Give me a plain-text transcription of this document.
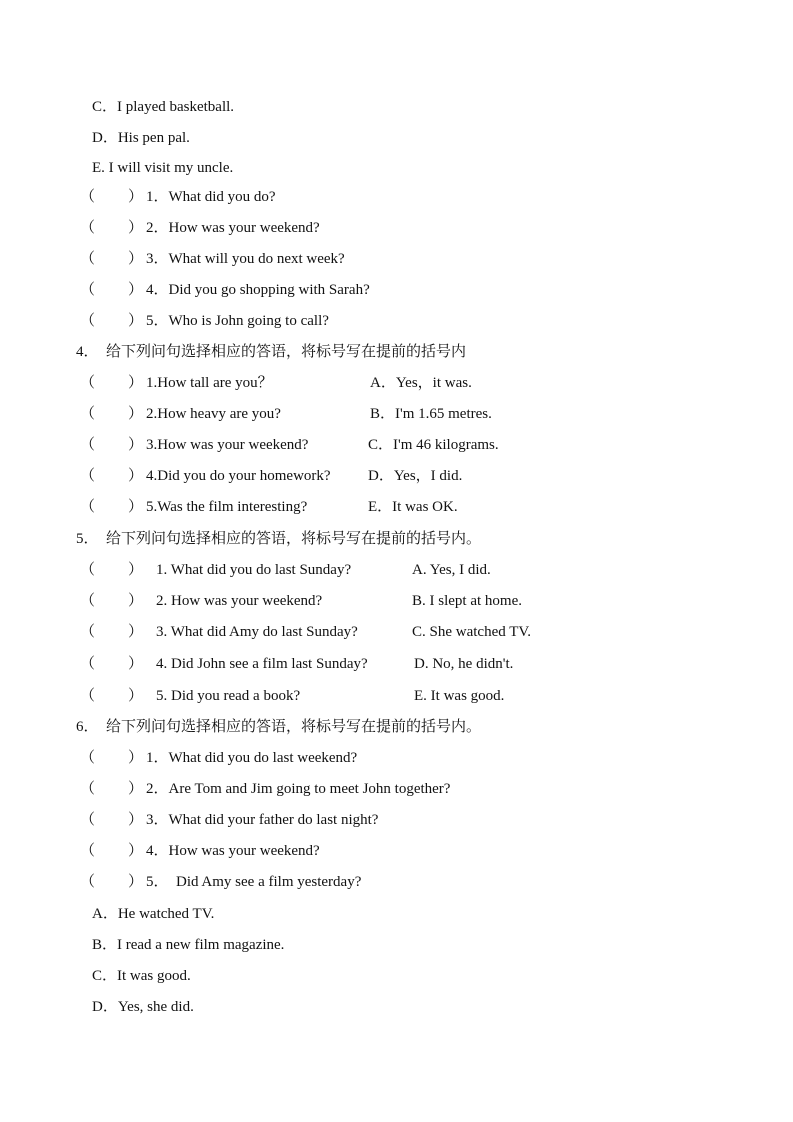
C．I played basketball.
D．His pen pal.
E. I will visit my uncle.
（ ） 1．What did you do?
（ ） 2．How was your weekend?
（ ） 3．What will you do next week?
（ ） 4．Did you go shopping with Sarah?
（ ） 5．Who is John going to call?
4．  给下列问句选择相应的答语，将标号写在提前的括号内
（ ） 1.How tall are you？	A．Yes，it was.
（ ） 2.How heavy are you?	B．I'm 1.65 metres.
（ ） 3.How was your weekend?	C．I'm 46 kilograms.
（ ） 4.Did you do your homework? D．Yes，I did.
（ ） 5.Was the film interesting?	E．It was OK.
5．  给下列问句选择相应的答语，将标号写在提前的括号内。
（ ） 1. What did you do last Sunday?	A. Yes, I did.
（ ） 2. How was your weekend?	B. I slept at home.
（ ） 3. What did Amy do last Sunday?	C. She watched TV.
（ ） 4. Did John see a film last Sunday?	D. No, he didn't.
（ ） 5. Did you read a book?	E. It was good.
6．  给下列问句选择相应的答语，将标号写在提前的括号内。
（ ） 1．What did you do last weekend?
（ ） 2．Are Tom and Jim going to meet John together?
（ ） 3．What did your father do last night?
（ ） 4．How was your weekend?
（ ） 5．  Did Amy see a film yesterday?
A．He watched TV.
B．I read a new film magazine.
C．It was good.
D．Yes, she did.
